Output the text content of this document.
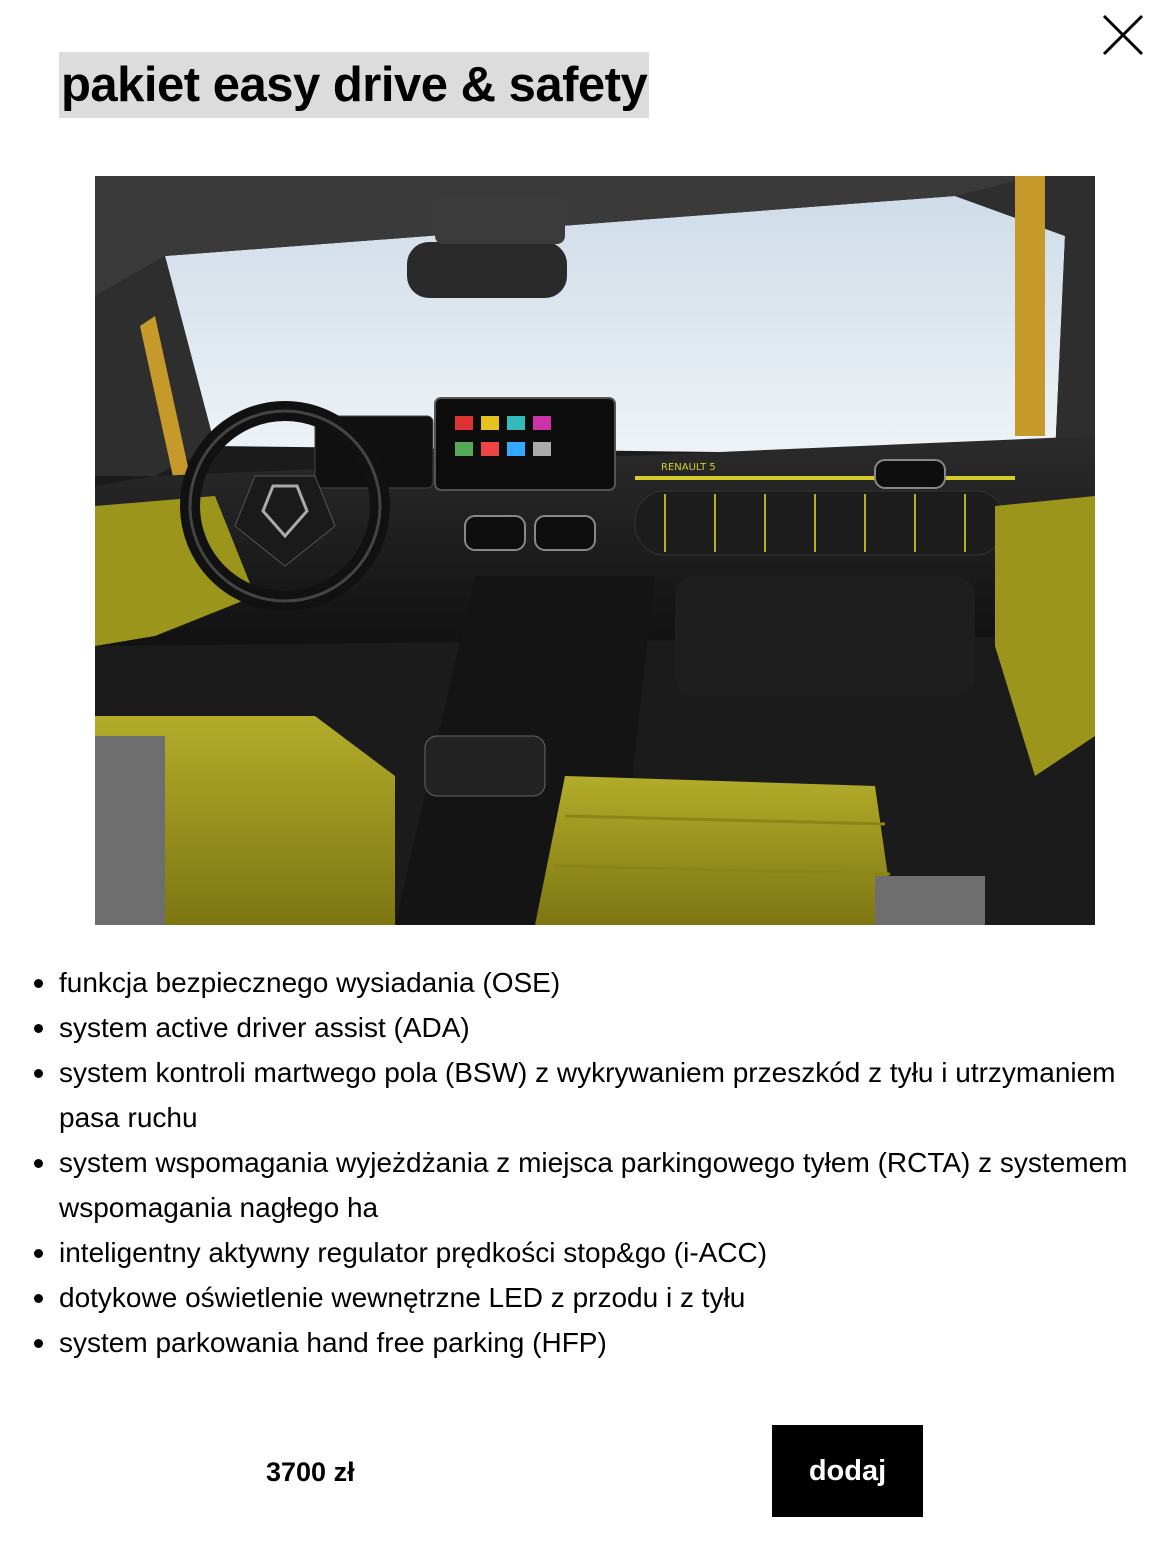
pakiet easy drive & safety
RENAULT 5
funkcja bezpiecznego wysiadania (OSE)
system active driver assist (ADA)
system kontroli martwego pola (BSW) z wykrywaniem przeszkód z tyłu i utrzymaniem pasa ruchu
system wspomagania wyjeżdżania z miejsca parkingowego tyłem (RCTA) z systemem wspomagania nagłego ha
inteligentny aktywny regulator prędkości stop&go (i-ACC)
dotykowe oświetlenie wewnętrzne LED z przodu i z tyłu
system parkowania hand free parking (HFP)
3700 zł	dodaj
